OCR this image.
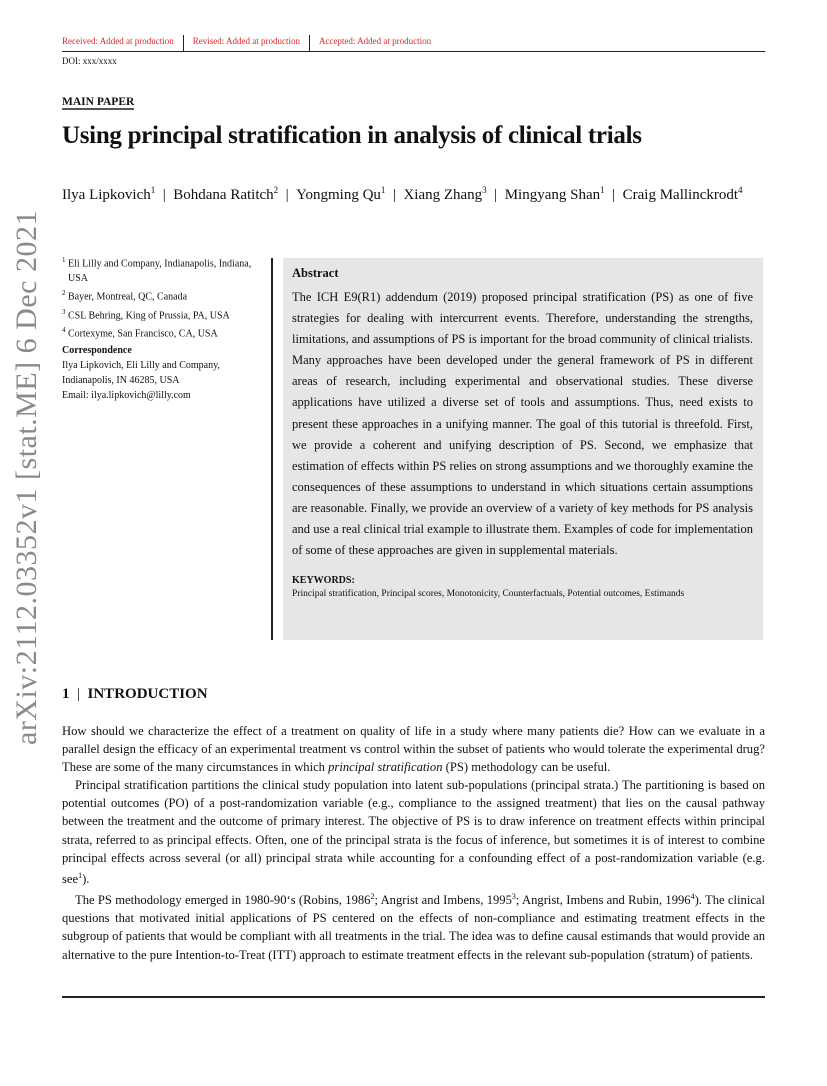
Received: Added at production Revised: Added at production Accepted: Added at production
DOI: xxx/xxxx
MAIN PAPER
Using principal stratification in analysis of clinical trials
Ilya Lipkovich$^1$  |  Bohdana Ratitch$^2$  |  Yongming Qu$^1$  |  Xiang Zhang$^3$  |  Mingyang Shan$^1$  |  Craig Mallinckrodt$^4$
arXiv:2112.03352v1 [stat.ME] 6 Dec 2021	$^1$ Eli Lilly and Company, Indianapolis, Indiana, USA
$^2$ Bayer, Montreal, QC, Canada
$^3$ CSL Behring, King of Prussia, PA, USA
$^4$ Cortexyme, San Francisco, CA, USA
Correspondence
Ilya Lipkovich, Eli Lilly and Company,
Indianapolis, IN 46285, USA
Email: ilya.lipkovich@lilly.com
Abstract

The ICH E9(R1) addendum (2019) proposed principal stratification (PS) as one of five strategies for dealing with intercurrent events. Therefore, understanding the strengths, limitations, and assumptions of PS is important for the broad community of clinical trialists. Many approaches have been developed under the general framework of PS in different areas of research, including experimental and observational studies. These diverse applications have utilized a diverse set of tools and assumptions. Thus, need exists to present these approaches in a unifying manner. The goal of this tutorial is threefold. First, we provide a coherent and unifying description of PS. Second, we emphasize that estimation of effects within PS relies on strong assumptions and we thoroughly examine the consequences of these assumptions to understand in which situations certain assumptions are reasonable. Finally, we provide an overview of a variety of key methods for PS analysis and use a real clinical trial example to illustrate them. Examples of code for implementation of some of these approaches are given in supplemental materials.

KEYWORDS:
Principal stratification, Principal scores, Monotonicity, Counterfactuals, Potential outcomes, Estimands
1 | INTRODUCTION

How should we characterize the effect of a treatment on quality of life in a study where many patients die? How can we evaluate in a parallel design the efficacy of an experimental treatment vs control within the subset of patients who would tolerate the experimental drug? These are some of the many circumstances in which principal stratification (PS) methodology can be useful.

Principal stratification partitions the clinical study population into latent sub-populations (principal strata.) The partitioning is based on potential outcomes (PO) of a post-randomization variable (e.g., compliance to the assigned treatment) that lies on the causal pathway between the treatment and the outcome of primary interest. The objective of PS is to draw inference on treatment effects within principal strata, referred to as principal effects. Often, one of the principal strata is the focus of inference, but sometimes it is of interest to combine principal effects across several (or all) principal strata while accounting for a confounding effect of a post-randomization variable (e.g. see$^1$).

The PS methodology emerged in 1980-90‘s (Robins, 1986$^2$; Angrist and Imbens, 1995$^3$; Angrist, Imbens and Rubin, 1996$^4$). The clinical questions that motivated initial applications of PS centered on the effects of non-compliance and estimating treatment effects in the subgroup of patients that would be compliant with all treatments in the trial. The idea was to define causal estimands that would provide an alternative to the pure Intention-to-Treat (ITT) approach to estimate treatment effects in the relevant sub-population (stratum) of patients.
